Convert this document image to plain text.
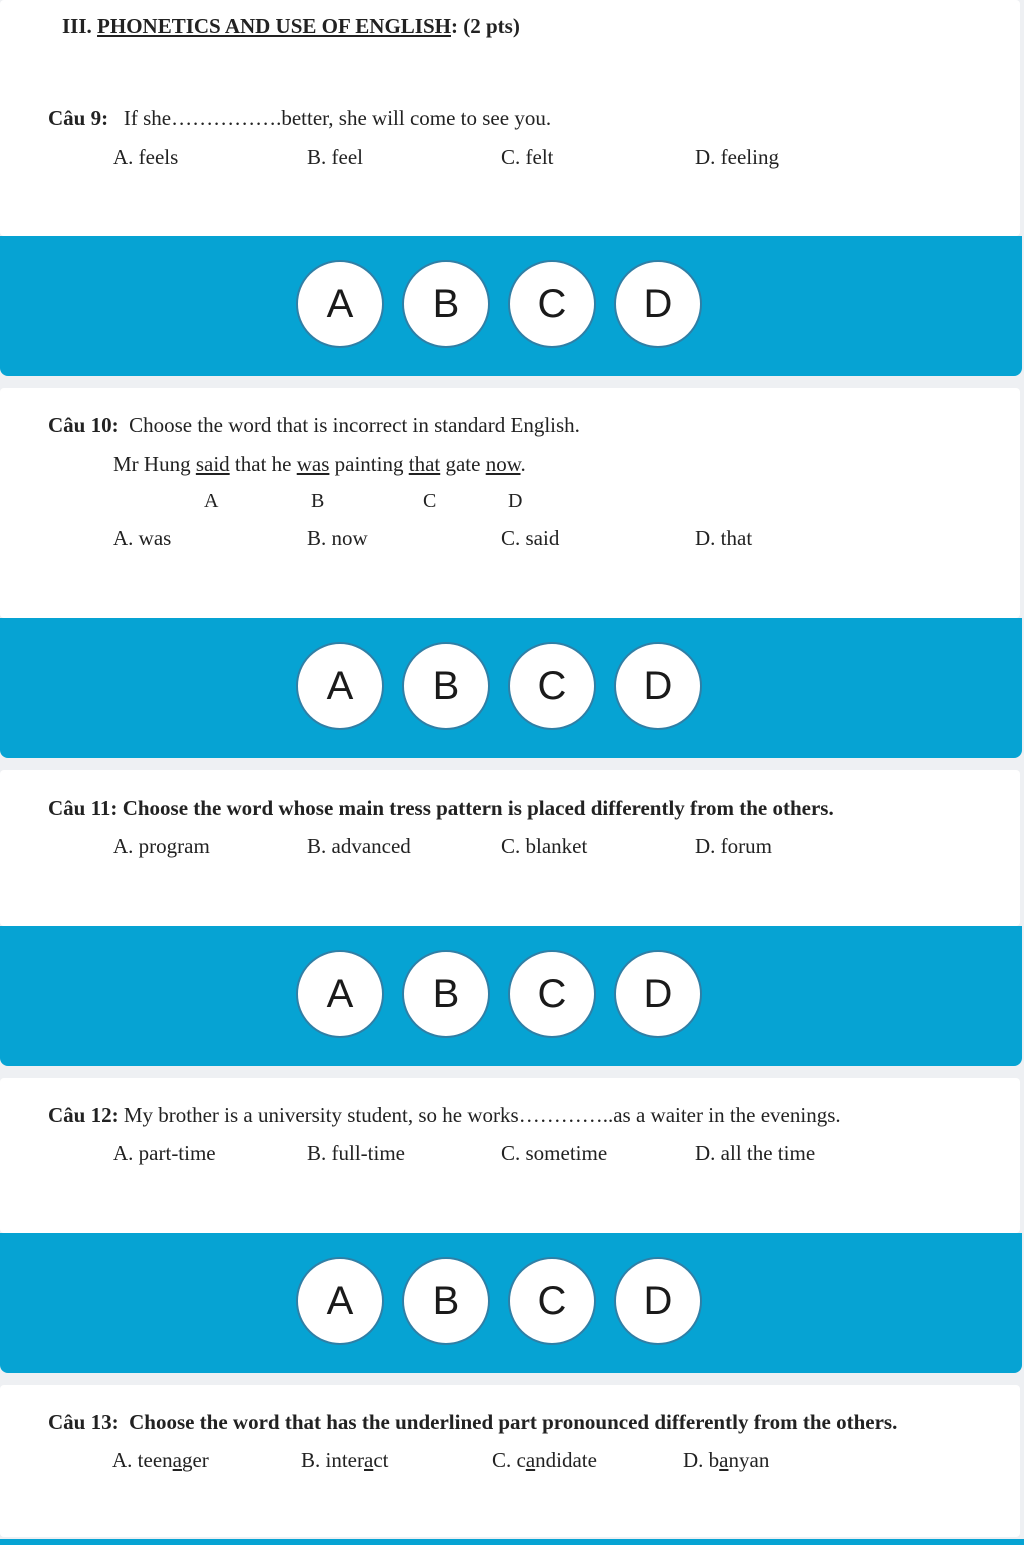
III. PHONETICS AND USE OF ENGLISH: (2 pts)
Câu 9: If she…………….better, she will come to see you.
A. feels	B. feel	C. felt	D. feeling
A	B	C	D
Câu 10: Choose the word that is incorrect in standard English.
Mr Hung said that he was painting that gate now.
A	B	C	D
A. was	B. now	C. said	D. that
A	B	C	D
Câu 11: Choose the word whose main tress pattern is placed differently from the others.
A. program	B. advanced	C. blanket	D. forum
A	B	C	D
Câu 12: My brother is a university student, so he works…………..as a waiter in the evenings.
A. part-time	B. full-time	C. sometime	D. all the time
A	B	C	D
Câu 13: Choose the word that has the underlined part pronounced differently from the others.
A. teenager	B. interact	C. candidate	D. banyan
